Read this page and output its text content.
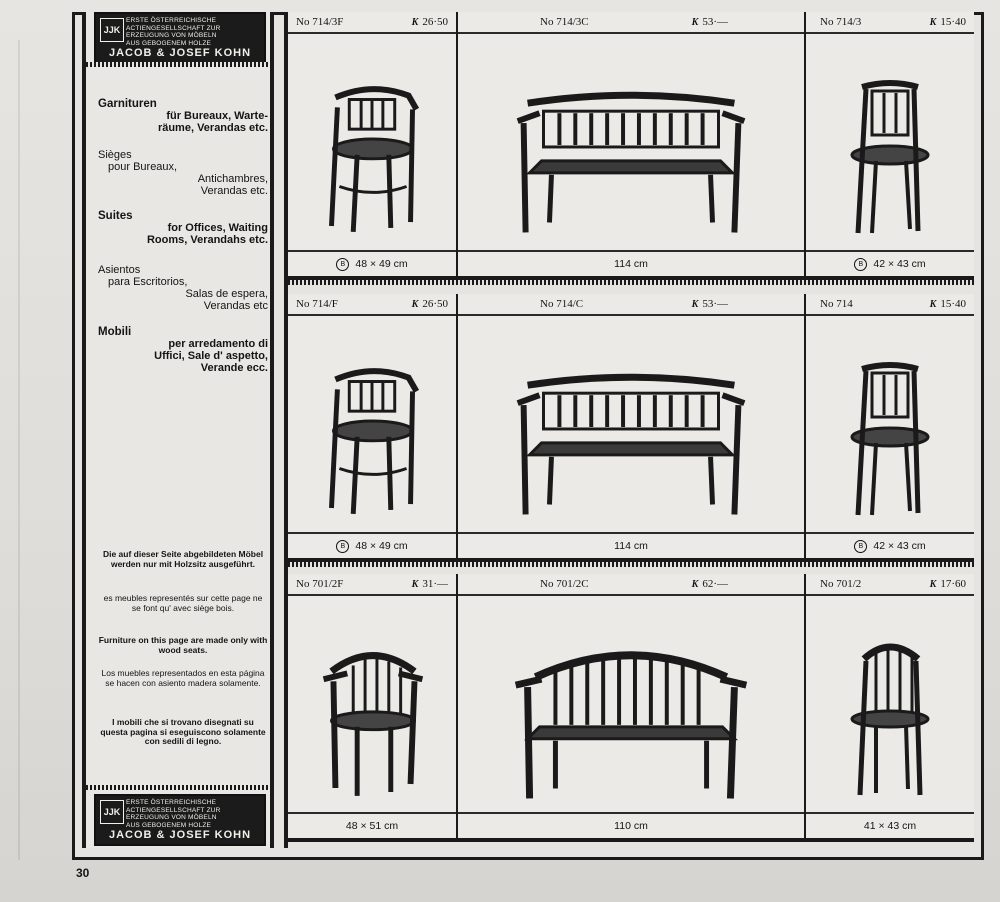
JJK
ERSTE ÖSTERREICHISCHE
ACTIENGESELLSCHAFT ZUR
ERZEUGUNG VON MÖBELN
AUS GEBOGENEM HOLZE
JACOB & JOSEF KOHN
Garnituren
für Bureaux, Warte-
räume, Verandas etc.
Sièges
pour Bureaux,
Antichambres,
Verandas etc.
Suites
for Offices, Waiting
Rooms, Verandahs etc.
Asientos
para Escritorios,
Salas de espera,
Verandas etc
Mobili
per arredamento di
Uffici, Sale d' aspetto,
Verande ecc.
Die auf dieser Seite abgebildeten Möbel werden nur mit Holzsitz ausgeführt.
es meubles representés sur cette page ne se font qu' avec siège bois.
Furniture on this page are made only with wood seats.
Los muebles representados en esta página se hacen con asiento madera solamente.
I mobili che si trovano disegnati su questa pagina si eseguiscono solamente con sedili di legno.
JJK
ERSTE ÖSTERREICHISCHE
ACTIENGESELLSCHAFT ZUR
ERZEUGUNG VON MÖBELN
AUS GEBOGENEM HOLZE
JACOB & JOSEF KOHN
No 714/3F	K 26·50
B 48 × 49 cm
No 714/3C	K 53·—
114 cm
No 714/3	K 15·40
B 42 × 43 cm
No 714/F	K 26·50
B 48 × 49 cm
No 714/C	K 53·—
114 cm
No 714	K 15·40
B 42 × 43 cm
No 701/2F	K 31·—
48 × 51 cm
No 701/2C	K 62·—
110 cm
No 701/2	K 17·60
41 × 43 cm
30
